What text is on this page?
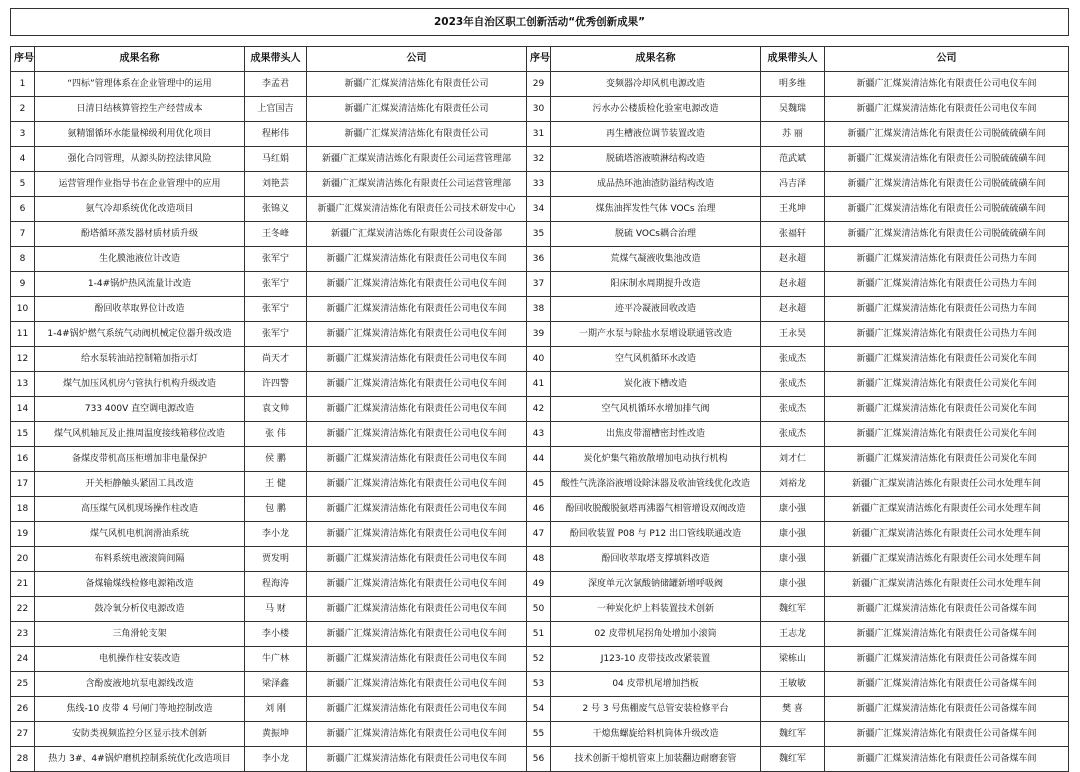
2023年自治区职工创新活动“优秀创新成果”							

序号	成果名称	成果带头人	公司	序号	成果名称	成果带头人	公司
1	“四标”管理体系在企业管理中的运用	李孟君	新疆广汇煤炭清洁炼化有限责任公司	29	变频器冷却风机电源改造	明多维	新疆广汇煤炭清洁炼化有限责任公司电仪车间
2	日清日结核算管控生产经营成本	上官国吉	新疆广汇煤炭清洁炼化有限责任公司	30	污水办公楼质检化验室电源改造	吴魏瑞	新疆广汇煤炭清洁炼化有限责任公司电仪车间
3	氨精馏循环水能量梯级利用优化项目	程彬伟	新疆广汇煤炭清洁炼化有限责任公司	31	再生槽液位调节装置改造	苏 丽	新疆广汇煤炭清洁炼化有限责任公司脱硫硫磺车间
4	强化合同管理，从源头防控法律风险	马红娟	新疆广汇煤炭清洁炼化有限责任公司运营管理部	32	脱硫塔溶液喷淋结构改造	范武斌	新疆广汇煤炭清洁炼化有限责任公司脱硫硫磺车间
5	运营管理作业指导书在企业管理中的应用	刘艳芸	新疆广汇煤炭清洁炼化有限责任公司运营管理部	33	成品热环池油渣防溢结构改造	冯吉泽	新疆广汇煤炭清洁炼化有限责任公司脱硫硫磺车间
6	氨气冷却系统优化改造项目	张锦义	新疆广汇煤炭清洁炼化有限责任公司技术研发中心	34	煤焦油挥发性气体 VOCs 治理	王兆坤	新疆广汇煤炭清洁炼化有限责任公司脱硫硫磺车间
7	酚塔循环蒸发器材质材质升级	王冬峰	新疆广汇煤炭清洁炼化有限责任公司设备部	35	脱硫 VOCs耦合治理	张福轩	新疆广汇煤炭清洁炼化有限责任公司脱硫硫磺车间
8	生化膜池液位计改造	张军宁	新疆广汇煤炭清洁炼化有限责任公司电仪车间	36	荒煤气凝液收集池改造	赵永超	新疆广汇煤炭清洁炼化有限责任公司热力车间
9	1-4#锅炉热风流量计改造	张军宁	新疆广汇煤炭清洁炼化有限责任公司电仪车间	37	阳床制水周期提升改造	赵永超	新疆广汇煤炭清洁炼化有限责任公司热力车间
10	酚回收萃取界位计改造	张军宁	新疆广汇煤炭清洁炼化有限责任公司电仪车间	38	迹平冷凝液回收改造	赵永超	新疆广汇煤炭清洁炼化有限责任公司热力车间
11	1-4#锅炉燃气系统气动阀机械定位器升级改造	张军宁	新疆广汇煤炭清洁炼化有限责任公司电仪车间	39	一期产水泵与除盐水泵增设联通管改造	王永昊	新疆广汇煤炭清洁炼化有限责任公司热力车间
12	给水泵转油站控制箱加指示灯	尚天才	新疆广汇煤炭清洁炼化有限责任公司电仪车间	40	空气风机循环水改造	张成杰	新疆广汇煤炭清洁炼化有限责任公司炭化车间
13	煤气加压风机房勺管执行机构升级改造	许四警	新疆广汇煤炭清洁炼化有限责任公司电仪车间	41	炭化液下槽改造	张成杰	新疆广汇煤炭清洁炼化有限责任公司炭化车间
14	733 400V 直空调电源改造	袁文帅	新疆广汇煤炭清洁炼化有限责任公司电仪车间	42	空气风机循环水增加排气阀	张成杰	新疆广汇煤炭清洁炼化有限责任公司炭化车间
15	煤气风机轴瓦及止推周温度接线箱移位改造	张 伟	新疆广汇煤炭清洁炼化有限责任公司电仪车间	43	出焦皮带溜槽密封性改造	张成杰	新疆广汇煤炭清洁炼化有限责任公司炭化车间
16	备煤皮带机高压柜增加非电量保护	侯 鹏	新疆广汇煤炭清洁炼化有限责任公司电仪车间	44	炭化炉集气箱放散增加电动执行机构	刘才仁	新疆广汇煤炭清洁炼化有限责任公司炭化车间
17	开关柜静触头紧固工具改造	王 健	新疆广汇煤炭清洁炼化有限责任公司电仪车间	45	酸性气洗涤浴液增设除沫器及收油管线优化改造	刘裕龙	新疆广汇煤炭清洁炼化有限责任公司水处理车间
18	高压煤气风机现场操作柱改造	包 鹏	新疆广汇煤炭清洁炼化有限责任公司电仪车间	46	酚回收脱酸脱氨塔再沸器气相管增设双阀改造	康小强	新疆广汇煤炭清洁炼化有限责任公司水处理车间
19	煤气风机电机润滑油系统	李小龙	新疆广汇煤炭清洁炼化有限责任公司电仪车间	47	酚回收装置 P08 与 P12 出口管线联通改造	康小强	新疆广汇煤炭清洁炼化有限责任公司水处理车间
20	布料系统电液滚筒间隔	贾发明	新疆广汇煤炭清洁炼化有限责任公司电仪车间	48	酚回收萃取塔支撑填料改造	康小强	新疆广汇煤炭清洁炼化有限责任公司水处理车间
21	备煤输煤线检修电源箱改造	程海涛	新疆广汇煤炭清洁炼化有限责任公司电仪车间	49	深度单元次氯酸钠储罐新增呼吸阀	康小强	新疆广汇煤炭清洁炼化有限责任公司水处理车间
22	鼓冷氧分析仪电源改造	马 财	新疆广汇煤炭清洁炼化有限责任公司电仪车间	50	一种炭化炉上料装置技术创新	魏红军	新疆广汇煤炭清洁炼化有限责任公司备煤车间
23	三角滑轮支架	李小楼	新疆广汇煤炭清洁炼化有限责任公司电仪车间	51	02 皮带机尾拐角处增加小滚筒	王志龙	新疆广汇煤炭清洁炼化有限责任公司备煤车间
24	电机操作柱安装改造	牛广林	新疆广汇煤炭清洁炼化有限责任公司电仪车间	52	J123-10 皮带技改改紧装置	梁栋山	新疆广汇煤炭清洁炼化有限责任公司备煤车间
25	含酚废液地坑泵电源线改造	梁泽鑫	新疆广汇煤炭清洁炼化有限责任公司电仪车间	53	04 皮带机尾增加挡板	王敏敏	新疆广汇煤炭清洁炼化有限责任公司备煤车间
26	焦线-10 皮带 4 号闸门等地控制改造	刘 刚	新疆广汇煤炭清洁炼化有限责任公司电仪车间	54	2 号 3 号焦棚废气总管安装检修平台	樊 喜	新疆广汇煤炭清洁炼化有限责任公司备煤车间
27	安防类视频监控分区显示技术创新	黄振坤	新疆广汇煤炭清洁炼化有限责任公司电仪车间	55	干熄焦螺旋给料机筒体升级改造	魏红军	新疆广汇煤炭清洁炼化有限责任公司备煤车间
28	热力 3#、4#锅炉磨机控制系统优化改造项目	李小龙	新疆广汇煤炭清洁炼化有限责任公司电仪车间	56	技术创新干熄机管束上加装翻边耐磨套管	魏红军	新疆广汇煤炭清洁炼化有限责任公司备煤车间
